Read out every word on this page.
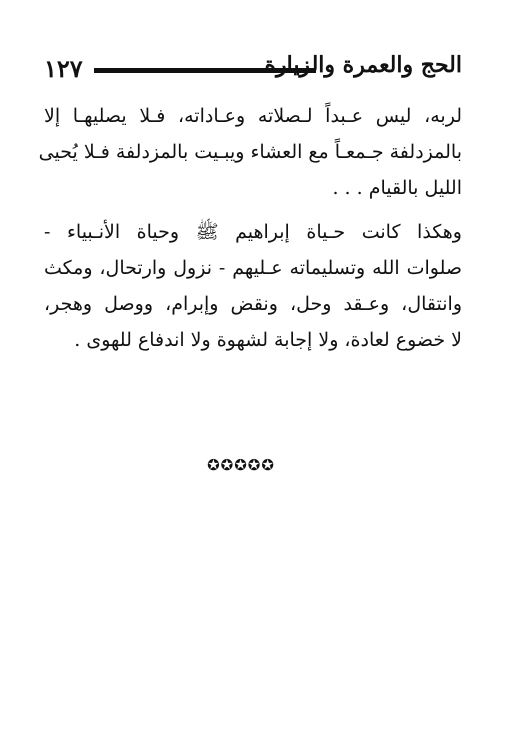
١٢٧	الحج والعمرة والزيارة

لربه، ليس عـبداً لـصلاته وعـاداته، فـلا يصليهـا إلا
بالمزدلفة جـمعـاً مع العشاء ويبـيت بالمزدلفة فـلا يُحيى
الليل بالقيام . . .

وهكذا كانت حـياة إبراهيم ﷺ وحياة الأنـبياء -
صلوات الله وتسليماته عـليهم - نزول وارتحال، ومكث
وانتقال، وعـقد وحل، ونقض وإبرام، ووصل وهجر،
لا خضوع لعادة، ولا إجابة لشهوة ولا اندفاع للهوى .

✪✪✪✪✪
